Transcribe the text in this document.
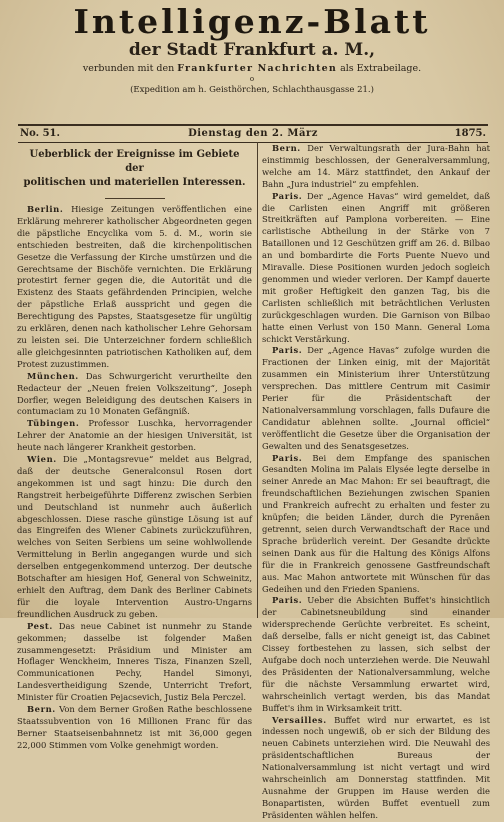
Intelligenz-Blatt
der Stadt Frankfurt a. M.,
verbunden mit den Frankfurter Nachrichten als Extrabeilage.
o
(Expedition am h. Geisthörchen, Schlachthausgasse 21.)
No. 51.	Dienstag den 2. März	1875.
Ueberblick der Ereignisse im Gebiete der
politischen und materiellen Interessen.

Berlin. Hiesige Zeitungen veröffentlichen eine Erklärung mehrerer katholischer Abgeordneten gegen die päpstliche Encyclika vom 5. d. M., worin sie entschieden bestreiten, daß die kirchenpolitischen Gesetze die Verfassung der Kirche umstürzen und die Gerechtsame der Bischöfe vernichten. Die Erklärung protestirt ferner gegen die, die Autorität und die Existenz des Staats gefährdenden Principien, welche der päpstliche Erlaß ausspricht und gegen die Berechtigung des Papstes, Staatsgesetze für ungültig zu erklären, denen nach katholischer Lehre Gehorsam zu leisten sei. Die Unterzeichner fordern schließlich alle gleichgesinnten patriotischen Katholiken auf, dem Protest zuzustimmen.

München. Das Schwurgericht verurtheilte den Redacteur der „Neuen freien Volkszeitung“, Joseph Dorfler, wegen Beleidigung des deutschen Kaisers in contumaciam zu 10 Monaten Gefängniß.

Tübingen. Professor Luschka, hervorragender Lehrer der Anatomie an der hiesigen Universität, ist heute nach längerer Krankheit gestorben.

Wien. Die „Montagsrevue“ meldet aus Belgrad, daß der deutsche Generalconsul Rosen dort angekommen ist und sagt hinzu: Die durch den Rangstreit herbeigeführte Differenz zwischen Serbien und Deutschland ist nunmehr auch äußerlich abgeschlossen. Diese rasche günstige Lösung ist auf das Eingreifen des Wiener Cabinets zurückzuführen, welches von Seiten Serbiens um seine wohlwollende Vermittelung in Berlin angegangen wurde und sich derselben entgegenkommend unterzog. Der deutsche Botschafter am hiesigen Hof, General von Schweinitz, erhielt den Auftrag, dem Dank des Berliner Cabinets für die loyale Intervention Austro-Ungarns freundlichen Ausdruck zu geben.

Pest. Das neue Cabinet ist nunmehr zu Stande gekommen; dasselbe ist folgender Maßen zusammengesetzt: Präsidium und Minister am Hoflager Wenckheim, Inneres Tisza, Finanzen Szell, Communicationen Pechy, Handel Simonyi, Landesvertheidigung Szende, Unterricht Trefort, Minister für Croatien Pejacsevich, Justiz Bela Perczel.

Bern. Von dem Berner Großen Rathe beschlossene Staatssubvention von 16 Millionen Franc für das Berner Staatseisenbahnnetz ist mit 36,000 gegen 22,000 Stimmen vom Volke genehmigt worden.

Bern. Der Verwaltungsrath der Jura-Bahn hat einstimmig beschlossen, der Generalversammlung, welche am 14. März stattfindet, den Ankauf der Bahn „Jura industriel“ zu empfehlen.

Paris. Der „Agence Havas“ wird gemeldet, daß die Carlisten einen Angriff mit größeren Streitkräften auf Pamplona vorbereiten. — Eine carlistische Abtheilung in der Stärke von 7 Bataillonen und 12 Geschützen griff am 26. d. Bilbao an und bombardirte die Forts Puente Nuevo und Miravalle. Diese Positionen wurden jedoch sogleich genommen und wieder verloren. Der Kampf dauerte mit großer Heftigkeit den ganzen Tag, bis die Carlisten schließlich mit beträchtlichen Verlusten zurückgeschlagen wurden. Die Garnison von Bilbao hatte einen Verlust von 150 Mann. General Loma schickt Verstärkung.

Paris. Der „Agence Havas“ zufolge wurden die Fractionen der Linken einig, mit der Majorität zusammen ein Ministerium ihrer Unterstützung versprechen. Das mittlere Centrum mit Casimir Perier für die Präsidentschaft der Nationalversammlung vorschlagen, falls Dufaure die Candidatur ablehnen sollte. „Journal officiel“ veröffentlicht die Gesetze über die Organisation der Gewalten und des Senatsgesetzes.

Paris. Bei dem Empfange des spanischen Gesandten Molina im Palais Elysée legte derselbe in seiner Anrede an Mac Mahon: Er sei beauftragt, die freundschaftlichen Beziehungen zwischen Spanien und Frankreich aufrecht zu erhalten und fester zu knüpfen; die beiden Länder, durch die Pyrenäen getrennt, seien durch Verwandtschaft der Race und Sprache brüderlich vereint. Der Gesandte drückte seinen Dank aus für die Haltung des Königs Alfons für die in Frankreich genossene Gastfreundschaft aus. Mac Mahon antwortete mit Wünschen für das Gedeihen und den Frieden Spaniens.

Paris. Ueber die Absichten Buffet's hinsichtlich der Cabinetsneubildung sind einander widersprechende Gerüchte verbreitet. Es scheint, daß derselbe, falls er nicht geneigt ist, das Cabinet Cissey fortbestehen zu lassen, sich selbst der Aufgabe doch noch unterziehen werde. Die Neuwahl des Präsidenten der Nationalversammlung, welche für die nächste Versammlung erwartet wird, wahrscheinlich vertagt werden, bis das Mandat Buffet's ihm in Wirksamkeit tritt.

Versailles. Buffet wird nur erwartet, es ist indessen noch ungewiß, ob er sich der Bildung des neuen Cabinets unterziehen wird. Die Neuwahl des präsidentschaftlichen Bureaus der Nationalversammlung ist nicht vertagt und wird wahrscheinlich am Donnerstag stattfinden. Mit Ausnahme der Gruppen im Hause werden die Bonapartisten, würden Buffet eventuell zum Präsidenten wählen helfen.
